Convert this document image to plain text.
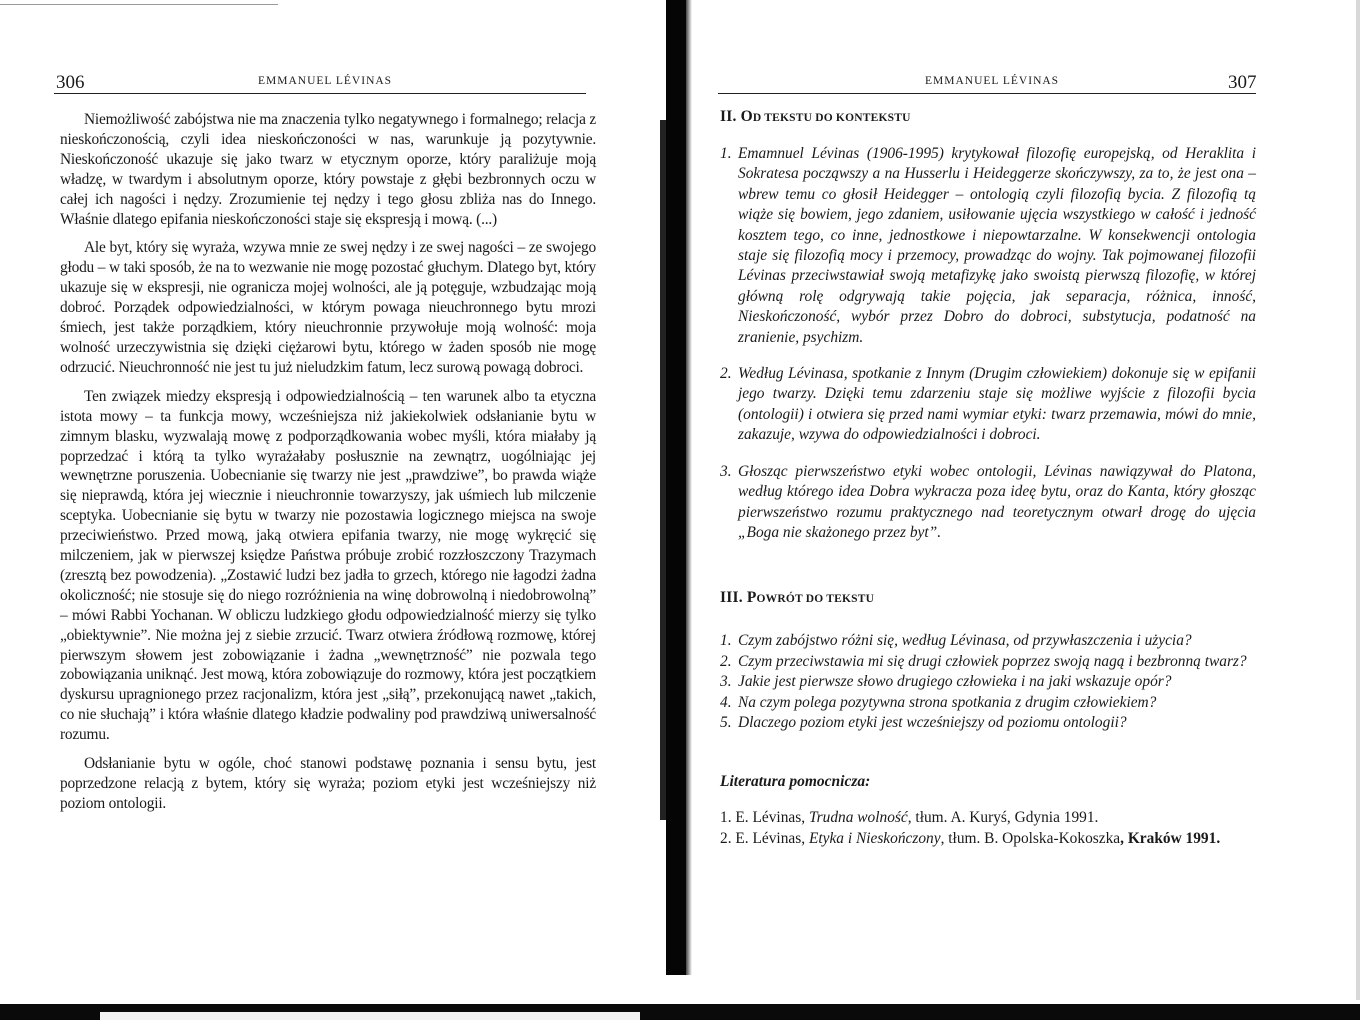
306	EMMANUEL LÉVINAS

Niemożliwość zabójstwa nie ma znaczenia tylko negatywnego i formalnego; relacja z nieskończonością, czyli idea nieskończoności w nas, warunkuje ją pozytywnie. Nieskończoność ukazuje się jako twarz w etycznym oporze, który paraliżuje moją władzę, w twardym i absolutnym oporze, który powstaje z głębi bezbronnych oczu w całej ich nagości i nędzy. Zrozumienie tej nędzy i tego głosu zbliża nas do Innego. Właśnie dlatego epifania nieskończoności staje się ekspresją i mową. (...)

Ale byt, który się wyraża, wzywa mnie ze swej nędzy i ze swej nagości – ze swojego głodu – w taki sposób, że na to wezwanie nie mogę pozostać głuchym. Dlatego byt, który ukazuje się w ekspresji, nie ogranicza mojej wolności, ale ją potęguje, wzbudzając moją dobroć. Porządek odpowiedzialności, w którym powaga nieuchronnego bytu mrozi śmiech, jest także porządkiem, który nieuchronnie przywołuje moją wolność: moja wolność urzeczywistnia się dzięki ciężarowi bytu, którego w żaden sposób nie mogę odrzucić. Nieuchronność nie jest tu już nieludzkim fatum, lecz surową powagą dobroci.

Ten związek miedzy ekspresją i odpowiedzialnością – ten warunek albo ta etyczna istota mowy – ta funkcja mowy, wcześniejsza niż jakiekolwiek odsłanianie bytu w zimnym blasku, wyzwalają mowę z podporządkowania wobec myśli, która miałaby ją poprzedzać i którą ta tylko wyrażałaby posłusznie na zewnątrz, uogólniając jej wewnętrzne poruszenia. Uobecnianie się twarzy nie jest „prawdziwe”, bo prawda wiąże się nieprawdą, która jej wiecznie i nieuchronnie towarzyszy, jak uśmiech lub milczenie sceptyka. Uobecnianie się bytu w twarzy nie pozostawia logicznego miejsca na swoje przeciwieństwo. Przed mową, jaką otwiera epifania twarzy, nie mogę wykręcić się milczeniem, jak w pierwszej księdze Państwa próbuje zrobić rozzłoszczony Trazymach (zresztą bez powodzenia). „Zostawić ludzi bez jadła to grzech, którego nie łagodzi żadna okoliczność; nie stosuje się do niego rozróżnienia na winę dobrowolną i niedobrowolną” – mówi Rabbi Yochanan. W obliczu ludzkiego głodu odpowiedzialność mierzy się tylko „obiektywnie”. Nie można jej z siebie zrzucić. Twarz otwiera źródłową rozmowę, której pierwszym słowem jest zobowiązanie i żadna „wewnętrzność” nie pozwala tego zobowiązania uniknąć. Jest mową, która zobowiązuje do rozmowy, która jest początkiem dyskursu upragnionego przez racjonalizm, która jest „siłą”, przekonującą nawet „takich, co nie słuchają” i która właśnie dlatego kładzie podwaliny pod prawdziwą uniwersalność rozumu.

Odsłanianie bytu w ogóle, choć stanowi podstawę poznania i sensu bytu, jest poprzedzone relacją z bytem, który się wyraża; poziom etyki jest wcześniejszy niż poziom ontologii.

EMMANUEL LÉVINAS	307
II. OD TEKSTU DO KONTEKSTU
1. Emamnuel Lévinas (1906-1995) krytykował filozofię europejską, od Heraklita i Sokratesa począwszy a na Husserlu i Heideggerze skończywszy, za to, że jest ona – wbrew temu co głosił Heidegger – ontologią czyli filozofią bycia. Z filozofią tą wiąże się bowiem, jego zdaniem, usiłowanie ujęcia wszystkiego w całość i jedność kosztem tego, co inne, jednostkowe i niepowtarzalne. W konsekwencji ontologia staje się filozofią mocy i przemocy, prowadząc do wojny. Tak pojmowanej filozofii Lévinas przeciwstawiał swoją metafizykę jako swoistą pierwszą filozofię, w której główną rolę odgrywają takie pojęcia, jak separacja, różnica, inność, Nieskończoność, wybór przez Dobro do dobroci, substytucja, podatność na zranienie, psychizm.
2. Według Lévinasa, spotkanie z Innym (Drugim człowiekiem) dokonuje się w epifanii jego twarzy. Dzięki temu zdarzeniu staje się możliwe wyjście z filozofii bycia (ontologii) i otwiera się przed nami wymiar etyki: twarz przemawia, mówi do mnie, zakazuje, wzywa do odpowiedzialności i dobroci.
3. Głosząc pierwszeństwo etyki wobec ontologii, Lévinas nawiązywał do Platona, według którego idea Dobra wykracza poza ideę bytu, oraz do Kanta, który głosząc pierwszeństwo rozumu praktycznego nad teoretycznym otwarł drogę do ujęcia „Boga nie skażonego przez byt”.
III. POWRÓT DO TEKSTU
1. Czym zabójstwo różni się, według Lévinasa, od przywłaszczenia i użycia?
2. Czym przeciwstawia mi się drugi człowiek poprzez swoją nagą i bezbronną twarz?
3. Jakie jest pierwsze słowo drugiego człowieka i na jaki wskazuje opór?
4. Na czym polega pozytywna strona spotkania z drugim człowiekiem?
5. Dlaczego poziom etyki jest wcześniejszy od poziomu ontologii?
Literatura pomocnicza:
1. E. Lévinas, Trudna wolność, tłum. A. Kuryś, Gdynia 1991.
2. E. Lévinas, Etyka i Nieskończony, tłum. B. Opolska-Kokoszka, Kraków 1991.
